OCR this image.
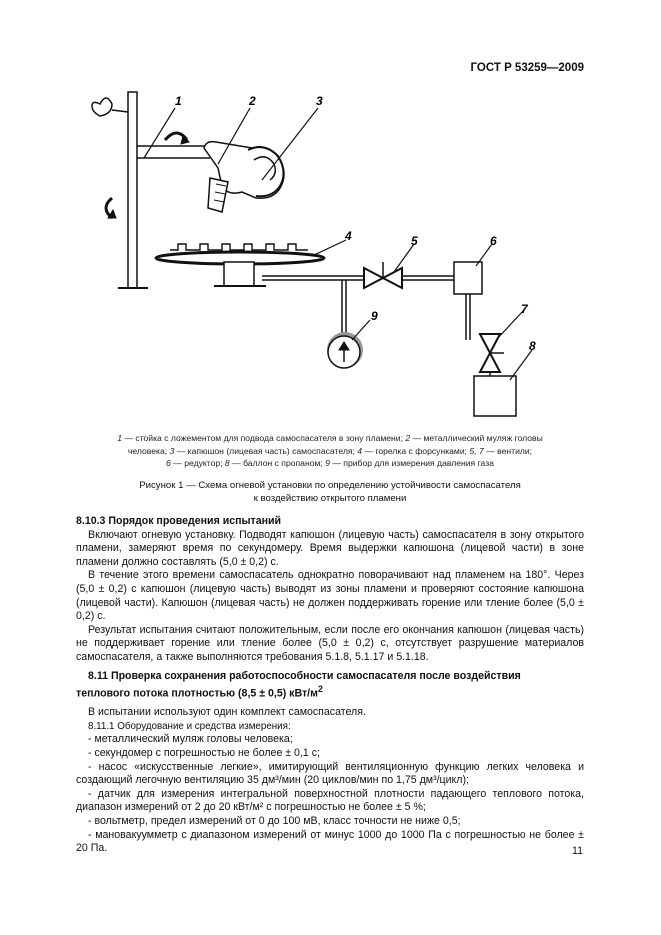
ГОСТ Р 53259—2009
1	2	3
4	5	6
7
8
9
1 — стойка с ложементом для подвода самоспасателя в зону пламени; 2 — металлический муляж головы
человека; 3 — капюшон (лицевая часть) самоспасателя; 4 — горелка с форсунками; 5, 7 — вентили;
6 — редуктор; 8 — баллон с пропаном; 9 — прибор для измерения давления газа
Рисунок 1 — Схема огневой установки по определению устойчивости самоспасателя
к воздействию открытого пламени

8.10.3 Порядок проведения испытаний

Включают огневую установку. Подводят капюшон (лицевую часть) самоспасателя в зону открытого пламени, замеряют время по секундомеру. Время выдержки капюшона (лицевой части) в зоне пламени должно составлять (5,0 ± 0,2) с.

В течение этого времени самоспасатель однократно поворачивают над пламенем на 180°. Через (5,0 ± 0,2) с капюшон (лицевую часть) выводят из зоны пламени и проверяют состояние капюшона (лицевой части). Капюшон (лицевая часть) не должен поддерживать горение или тление более (5,0 ± 0,2) с.

Результат испытания считают положительным, если после его окончания капюшон (лицевая часть) не поддерживает горение или тление более (5,0 ± 0,2) с, отсутствует разрушение материалов самоспасателя, а также выполняются требования 5.1.8, 5.1.17 и 5.1.18.

8.11 Проверка сохранения работоспособности самоспасателя после воздействия
теплового потока плотностью (8,5 ± 0,5) кВт/$м^2$

В испытании используют один комплект самоспасателя.

8.11.1 Оборудование и средства измерения:

- металлический муляж головы человека;

- секундомер с погрешностью не более ± 0,1 с;

- насос «искусственные легкие», имитирующий вентиляционную функцию легких человека и создающий легочную вентиляцию 35 дм³/мин (20 циклов/мин по 1,75 дм³/цикл);

- датчик для измерения интегральной поверхностной плотности падающего теплового потока, диапазон измерений от 2 до 20 кВт/м² с погрешностью не более ± 5 %;

- вольтметр, предел измерений от 0 до 100 мВ, класс точности не ниже 0,5;

- мановакуумметр с диапазоном измерений от минус 1000 до 1000 Па с погрешностью не более ± 20 Па.	11
